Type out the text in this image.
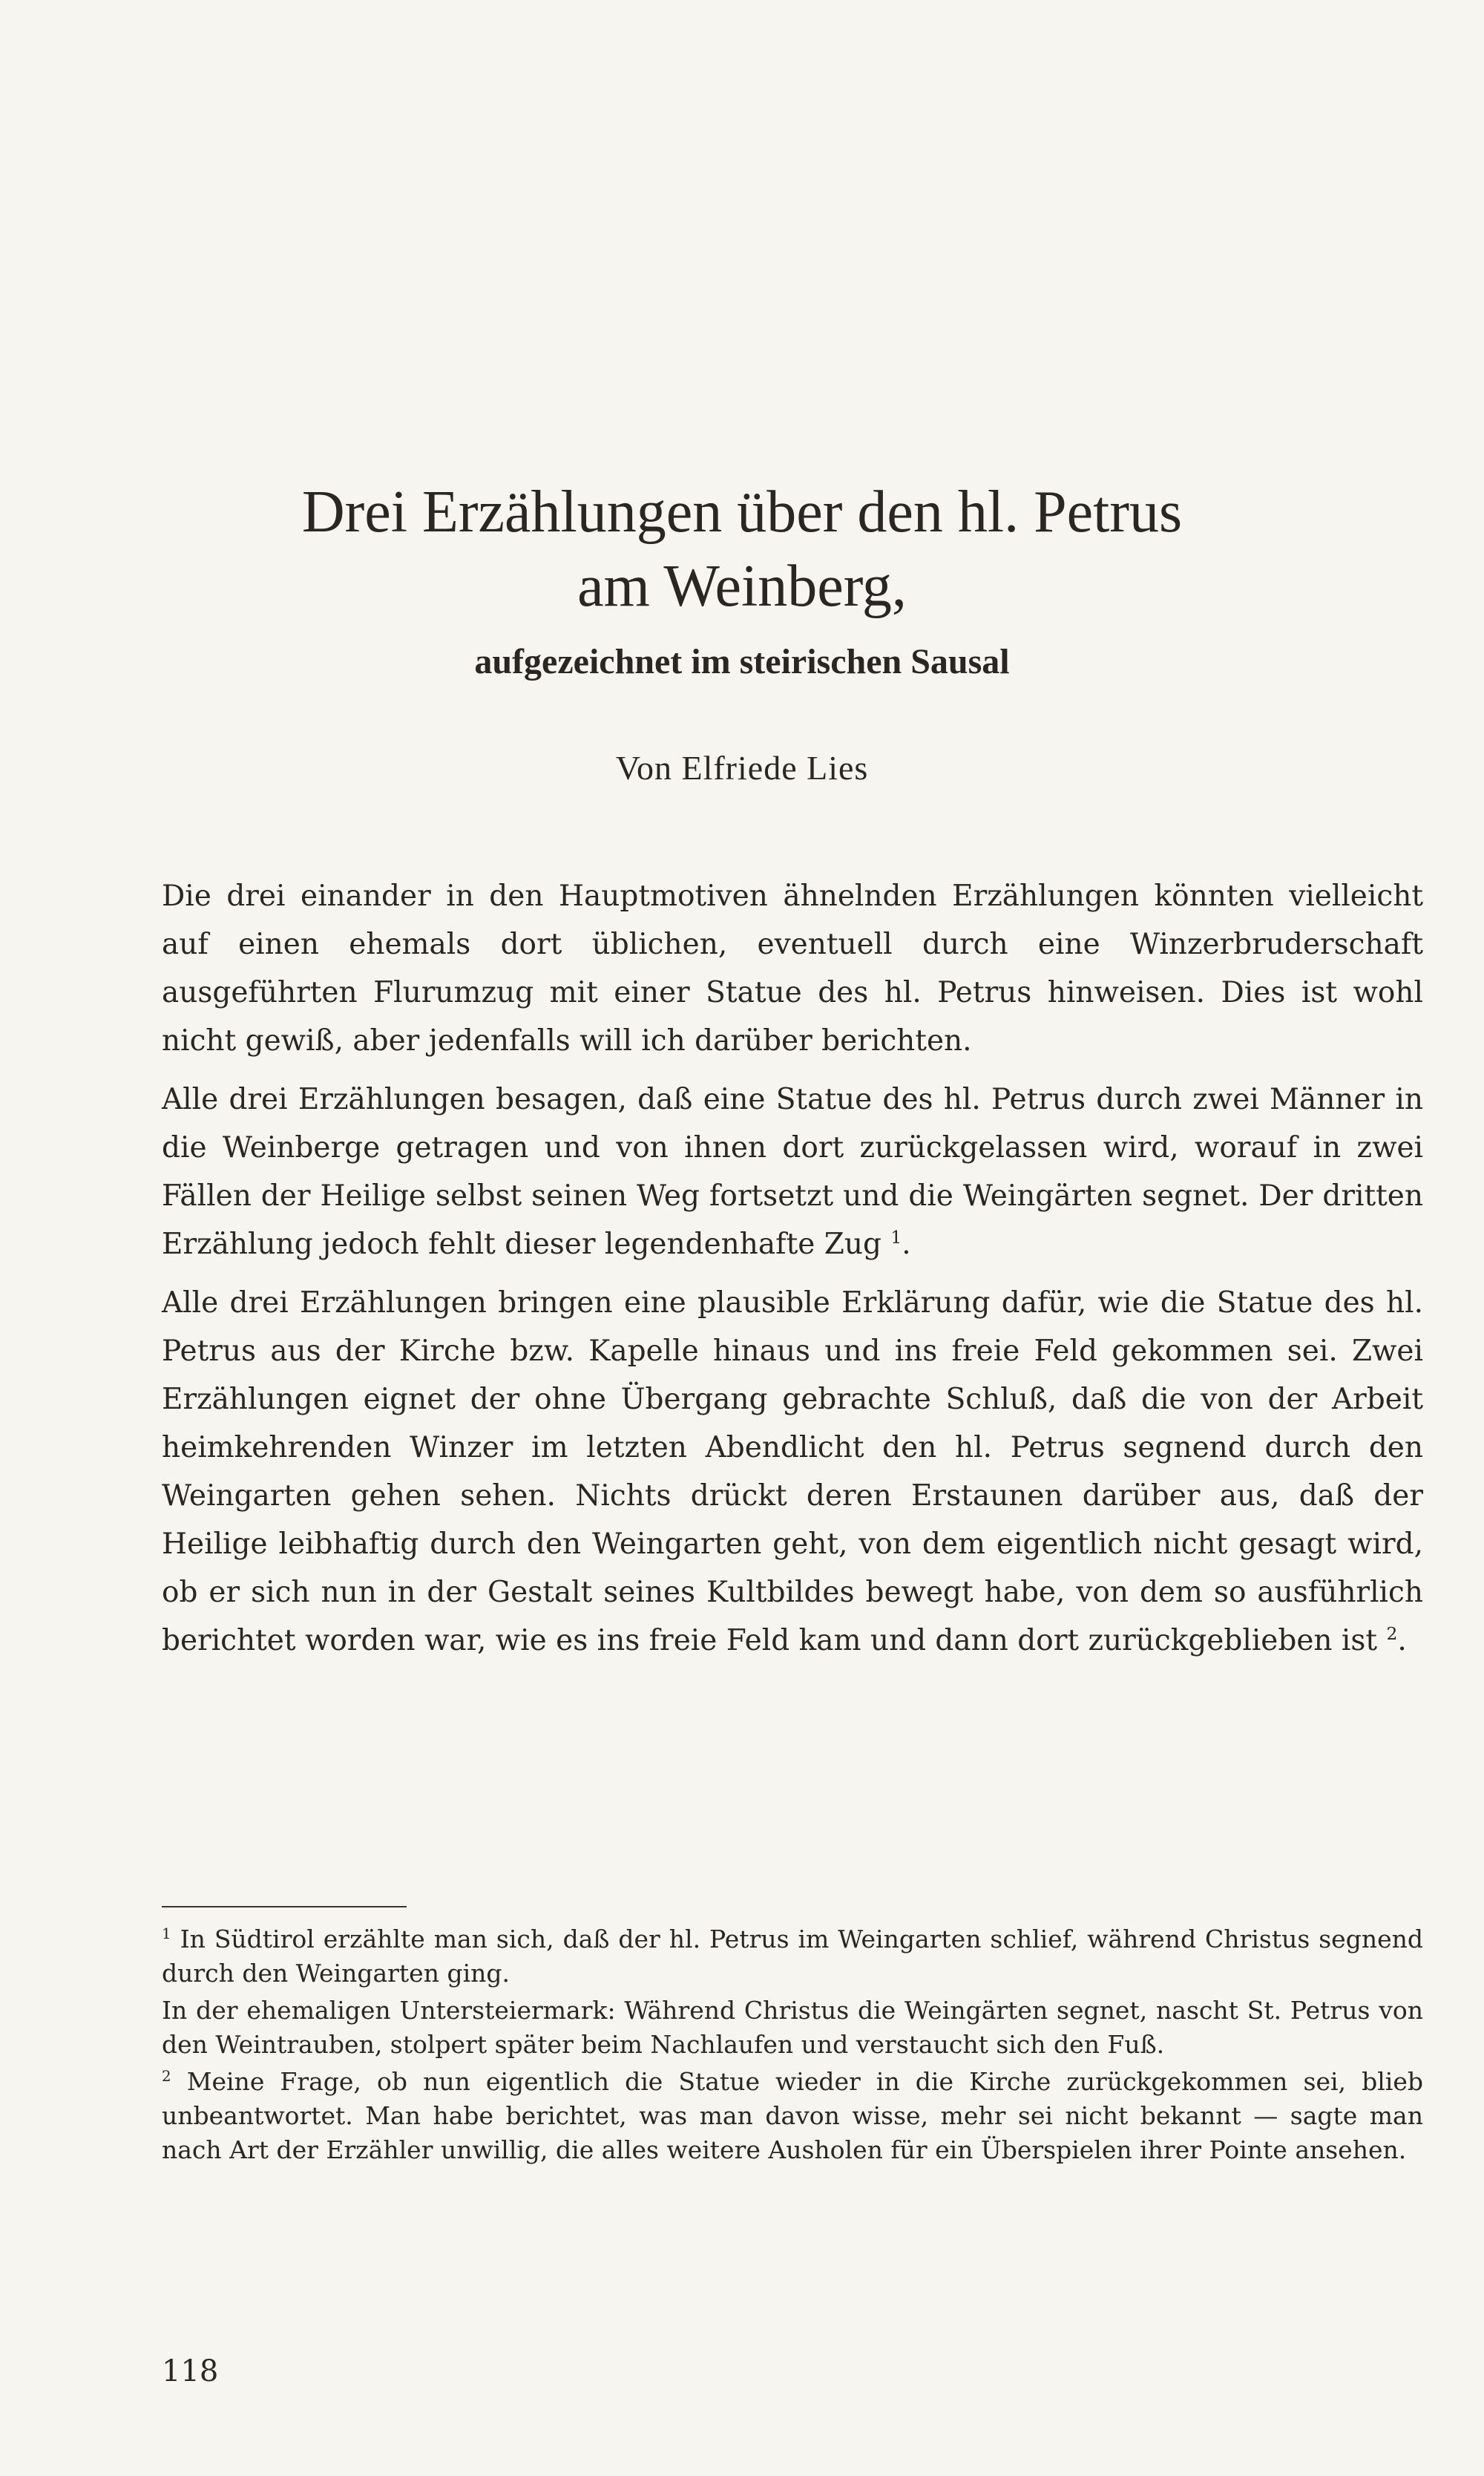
Drei Erzählungen über den hl. Petrus
am Weinberg,
aufgezeichnet im steirischen Sausal

Von Elfriede Lies

Die drei einander in den Hauptmotiven ähnelnden Erzählungen könnten vielleicht auf einen ehemals dort üblichen, eventuell durch eine Winzerbruderschaft ausgeführten Flurumzug mit einer Statue des hl. Petrus hinweisen. Dies ist wohl nicht gewiß, aber jedenfalls will ich darüber berichten.

Alle drei Erzählungen besagen, daß eine Statue des hl. Petrus durch zwei Männer in die Weinberge getragen und von ihnen dort zurückgelassen wird, worauf in zwei Fällen der Heilige selbst seinen Weg fortsetzt und die Weingärten segnet. Der dritten Erzählung jedoch fehlt dieser legendenhafte Zug $^1$.

Alle drei Erzählungen bringen eine plausible Erklärung dafür, wie die Statue des hl. Petrus aus der Kirche bzw. Kapelle hinaus und ins freie Feld gekommen sei. Zwei Erzählungen eignet der ohne Übergang gebrachte Schluß, daß die von der Arbeit heimkehrenden Winzer im letzten Abendlicht den hl. Petrus segnend durch den Weingarten gehen sehen. Nichts drückt deren Erstaunen darüber aus, daß der Heilige leibhaftig durch den Weingarten geht, von dem eigentlich nicht gesagt wird, ob er sich nun in der Gestalt seines Kultbildes bewegt habe, von dem so ausführlich berichtet worden war, wie es ins freie Feld kam und dann dort zurückgeblieben ist $^2$.

$^1$ In Südtirol erzählte man sich, daß der hl. Petrus im Weingarten schlief, während Christus segnend durch den Weingarten ging.

In der ehemaligen Untersteiermark: Während Christus die Weingärten segnet, nascht St. Petrus von den Weintrauben, stolpert später beim Nachlaufen und verstaucht sich den Fuß.

$^2$ Meine Frage, ob nun eigentlich die Statue wieder in die Kirche zurückgekommen sei, blieb unbeantwortet. Man habe berichtet, was man davon wisse, mehr sei nicht bekannt — sagte man nach Art der Erzähler unwillig, die alles weitere Ausholen für ein Überspielen ihrer Pointe ansehen.

118
